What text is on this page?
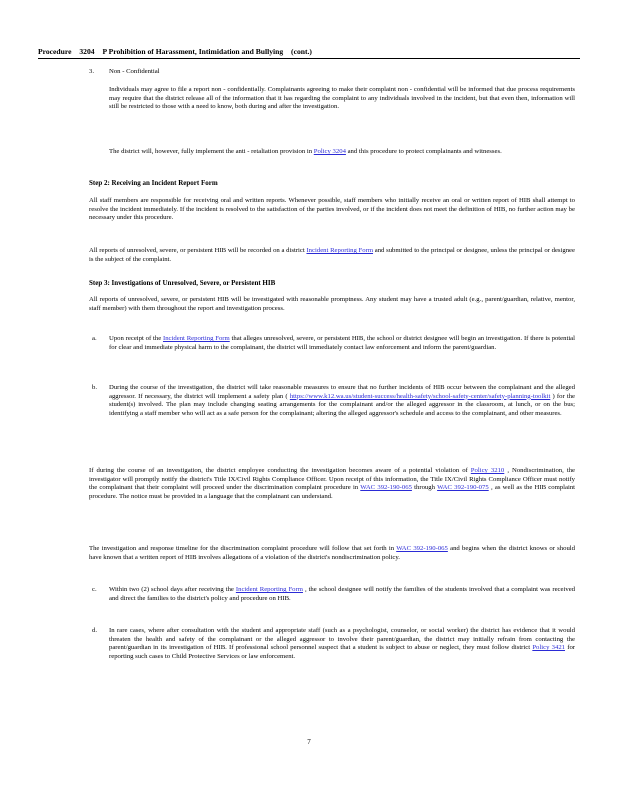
Procedure 3204 P Prohibition of Harassment, Intimidation and Bullying (cont.)
3. Non - Confidential
Individuals may agree to file a report non - confidentially. Complainants agreeing to make their complaint non - confidential will be informed that due process requirements may require that the district release all of the information that it has regarding the complaint to any individuals involved in the incident, but that even then, information will still be restricted to those with a need to know, both during and after the investigation.
The district will, however, fully implement the anti - retaliation provision in Policy 3204 and this procedure to protect complainants and witnesses.
Step 2: Receiving an Incident Report Form
All staff members are responsible for receiving oral and written reports. Whenever possible, staff members who initially receive an oral or written report of HIB shall attempt to resolve the incident immediately. If the incident is resolved to the satisfaction of the parties involved, or if the incident does not meet the definition of HIB, no further action may be necessary under this procedure.
All reports of unresolved, severe, or persistent HIB will be recorded on a district Incident Reporting Form and submitted to the principal or designee, unless the principal or designee is the subject of the complaint.
Step 3: Investigations of Unresolved, Severe, or Persistent HIB
All reports of unresolved, severe, or persistent HIB will be investigated with reasonable promptness. Any student may have a trusted adult (e.g., parent/guardian, relative, mentor, staff member) with them throughout the report and investigation process.
a. Upon receipt of the Incident Reporting Form that alleges unresolved, severe, or persistent HIB, the school or district designee will begin an investigation. If there is potential for clear and immediate physical harm to the complainant, the district will immediately contact law enforcement and inform the parent/guardian.
b. During the course of the investigation, the district will take reasonable measures to ensure that no further incidents of HIB occur between the complainant and the alleged aggressor. If necessary, the district will implement a safety plan ( https://www.k12.wa.us/student-success/health-safety/school-safety-center/safety-planning-toolkit ) for the student(s) involved. The plan may include changing seating arrangements for the complainant and/or the alleged aggressor in the classroom, at lunch, or on the bus; identifying a staff member who will act as a safe person for the complainant; altering the alleged aggressor's schedule and access to the complainant, and other measures.
If during the course of an investigation, the district employee conducting the investigation becomes aware of a potential violation of Policy 3210 , Nondiscrimination, the investigator will promptly notify the district's Title IX/Civil Rights Compliance Officer. Upon receipt of this information, the Title IX/Civil Rights Compliance Officer must notify the complainant that their complaint will proceed under the discrimination complaint procedure in WAC 392-190-065 through WAC 392-190-075 , as well as the HIB complaint procedure. The notice must be provided in a language that the complainant can understand.
The investigation and response timeline for the discrimination complaint procedure will follow that set forth in WAC 392-190-065 and begins when the district knows or should have known that a written report of HIB involves allegations of a violation of the district's nondiscrimination policy.
c. Within two (2) school days after receiving the Incident Reporting Form , the school designee will notify the families of the students involved that a complaint was received and direct the families to the district's policy and procedure on HIB.
d. In rare cases, where after consultation with the student and appropriate staff (such as a psychologist, counselor, or social worker) the district has evidence that it would threaten the health and safety of the complainant or the alleged aggressor to involve their parent/guardian, the district may initially refrain from contacting the parent/guardian in its investigation of HIB. If professional school personnel suspect that a student is subject to abuse or neglect, they must follow district Policy 3421 for reporting such cases to Child Protective Services or law enforcement.
7
